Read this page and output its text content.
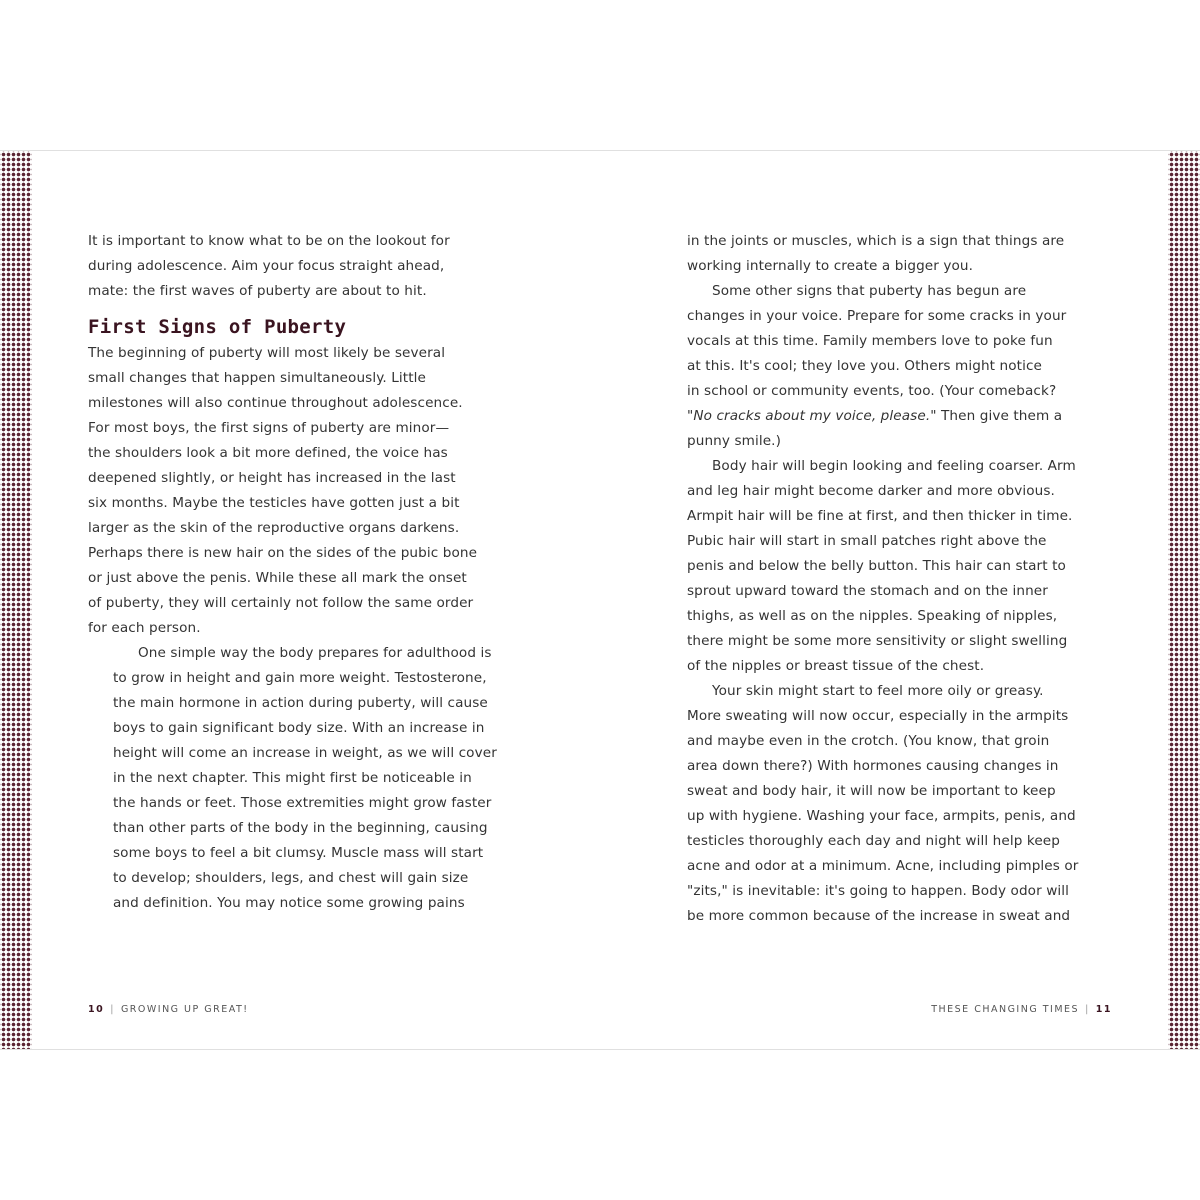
It is important to know what to be on the lookout for
during adolescence. Aim your focus straight ahead,
mate: the first waves of puberty are about to hit.

First Signs of Puberty

The beginning of puberty will most likely be several
small changes that happen simultaneously. Little
milestones will also continue throughout adolescence.
For most boys, the first signs of puberty are minor—
the shoulders look a bit more defined, the voice has
deepened slightly, or height has increased in the last
six months. Maybe the testicles have gotten just a bit
larger as the skin of the reproductive organs darkens.
Perhaps there is new hair on the sides of the pubic bone
or just above the penis. While these all mark the onset
of puberty, they will certainly not follow the same order
for each person.

One simple way the body prepares for adulthood is
to grow in height and gain more weight. Testosterone,
the main hormone in action during puberty, will cause
boys to gain significant body size. With an increase in
height will come an increase in weight, as we will cover
in the next chapter. This might first be noticeable in
the hands or feet. Those extremities might grow faster
than other parts of the body in the beginning, causing
some boys to feel a bit clumsy. Muscle mass will start
to develop; shoulders, legs, and chest will gain size
and definition. You may notice some growing pains

in the joints or muscles, which is a sign that things are
working internally to create a bigger you.

Some other signs that puberty has begun are
changes in your voice. Prepare for some cracks in your
vocals at this time. Family members love to poke fun
at this. It's cool; they love you. Others might notice
in school or community events, too. (Your comeback?
"No cracks about my voice, please." Then give them a
punny smile.)

Body hair will begin looking and feeling coarser. Arm
and leg hair might become darker and more obvious.
Armpit hair will be fine at first, and then thicker in time.
Pubic hair will start in small patches right above the
penis and below the belly button. This hair can start to
sprout upward toward the stomach and on the inner
thighs, as well as on the nipples. Speaking of nipples,
there might be some more sensitivity or slight swelling
of the nipples or breast tissue of the chest.

Your skin might start to feel more oily or greasy.
More sweating will now occur, especially in the armpits
and maybe even in the crotch. (You know, that groin
area down there?) With hormones causing changes in
sweat and body hair, it will now be important to keep
up with hygiene. Washing your face, armpits, penis, and
testicles thoroughly each day and night will help keep
acne and odor at a minimum. Acne, including pimples or
"zits," is inevitable: it's going to happen. Body odor will
be more common because of the increase in sweat and

10 | GROWING UP GREAT!	THESE CHANGING TIMES | 11
